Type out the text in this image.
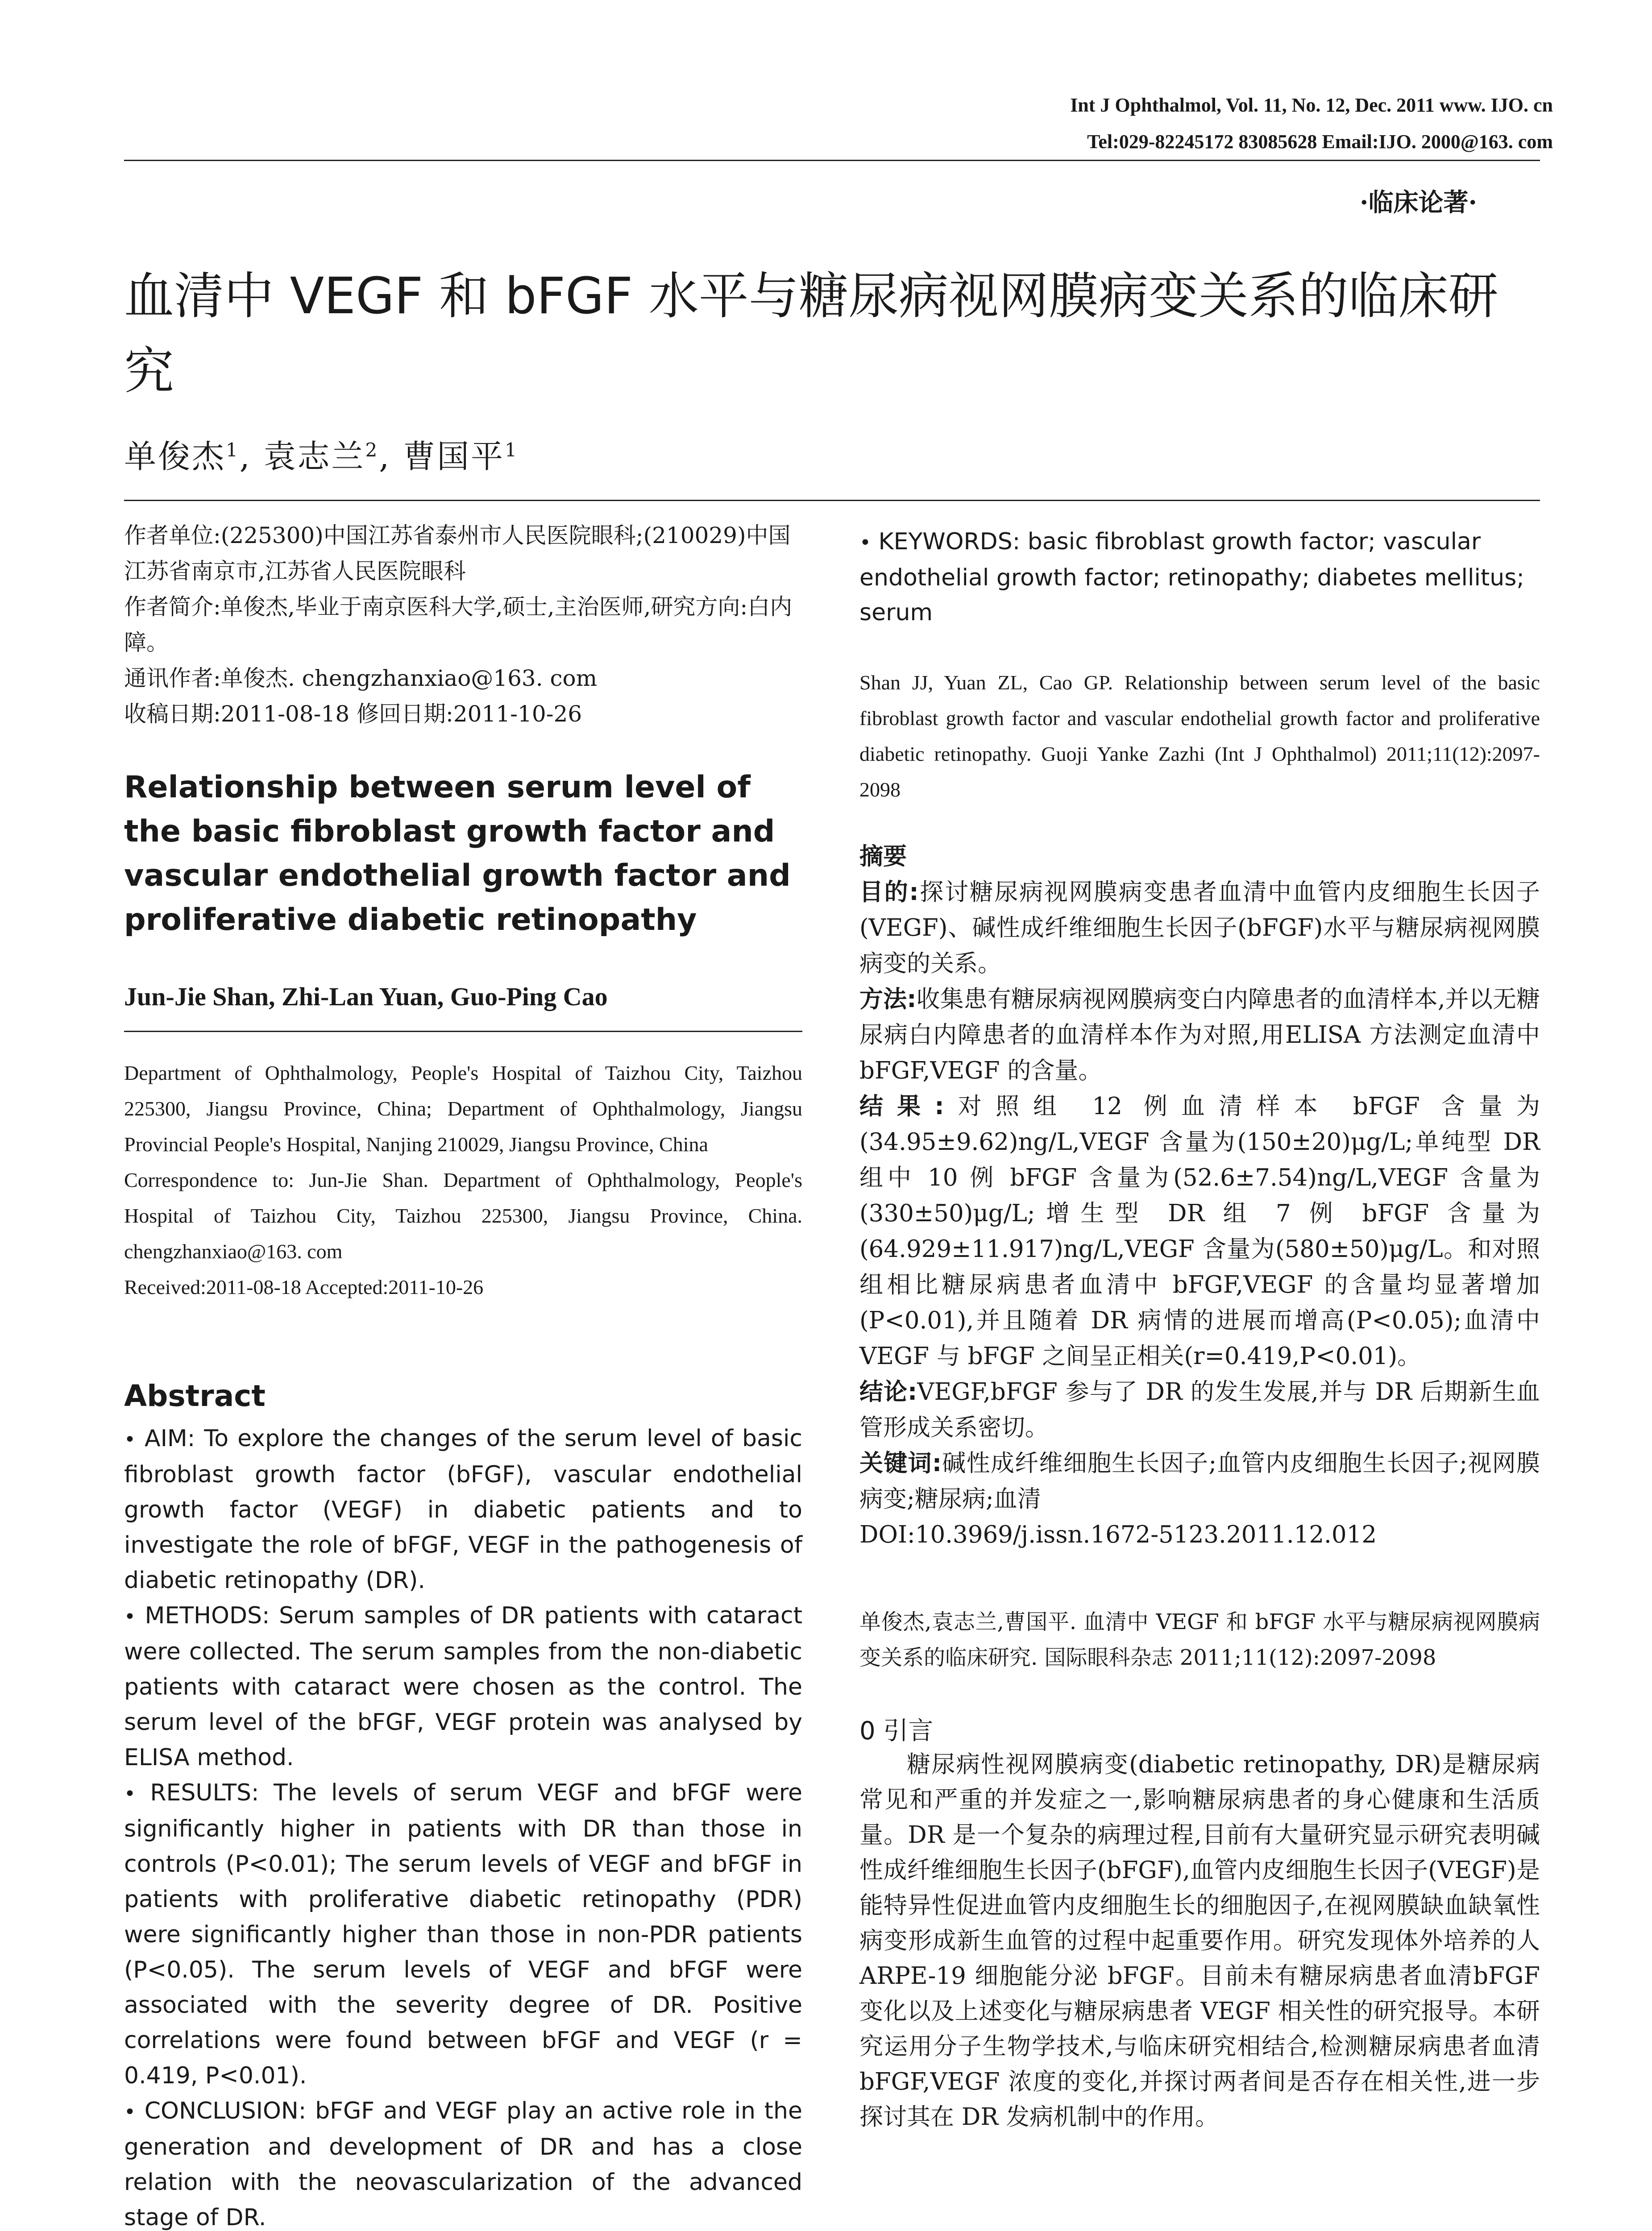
Int J Ophthalmol, Vol. 11, No. 12, Dec. 2011 www. IJO. cn
Tel:029-82245172 83085628 Email:IJO. 2000@163. com
·临床论著·
血清中 VEGF 和 bFGF 水平与糖尿病视网膜病变关系的临床研究
单俊杰$^1$, 袁志兰$^2$, 曹国平$^1$

作者单位:(225300)中国江苏省泰州市人民医院眼科;(210029)中国江苏省南京市,江苏省人民医院眼科

作者简介:单俊杰,毕业于南京医科大学,硕士,主治医师,研究方向:白内障。

通讯作者:单俊杰. chengzhanxiao@163. com

收稿日期:2011-08-18 修回日期:2011-10-26

Relationship between serum level of the basic fibroblast growth factor and vascular endothelial growth factor and proliferative diabetic retinopathy
Jun-Jie Shan, Zhi-Lan Yuan, Guo-Ping Cao

Department of Ophthalmology, People's Hospital of Taizhou City, Taizhou 225300, Jiangsu Province, China; Department of Ophthalmology, Jiangsu Provincial People's Hospital, Nanjing 210029, Jiangsu Province, China

Correspondence to: Jun-Jie Shan. Department of Ophthalmology, People's Hospital of Taizhou City, Taizhou 225300, Jiangsu Province, China. chengzhanxiao@163. com

Received:2011-08-18 Accepted:2011-10-26

Abstract

• AIM: To explore the changes of the serum level of basic fibroblast growth factor (bFGF), vascular endothelial growth factor (VEGF) in diabetic patients and to investigate the role of bFGF, VEGF in the pathogenesis of diabetic retinopathy (DR).

• METHODS: Serum samples of DR patients with cataract were collected. The serum samples from the non-diabetic patients with cataract were chosen as the control. The serum level of the bFGF, VEGF protein was analysed by ELISA method.

• RESULTS: The levels of serum VEGF and bFGF were significantly higher in patients with DR than those in controls (P<0.01); The serum levels of VEGF and bFGF in patients with proliferative diabetic retinopathy (PDR) were significantly higher than those in non-PDR patients (P<0.05). The serum levels of VEGF and bFGF were associated with the severity degree of DR. Positive correlations were found between bFGF and VEGF (r = 0.419, P<0.01).

• CONCLUSION: bFGF and VEGF play an active role in the generation and development of DR and has a close relation with the neovascularization of the advanced stage of DR.

• KEYWORDS: basic fibroblast growth factor; vascular endothelial growth factor; retinopathy; diabetes mellitus; serum
Shan JJ, Yuan ZL, Cao GP. Relationship between serum level of the basic fibroblast growth factor and vascular endothelial growth factor and proliferative diabetic retinopathy. Guoji Yanke Zazhi (Int J Ophthalmol) 2011;11(12):2097-2098

摘要

目的:探讨糖尿病视网膜病变患者血清中血管内皮细胞生长因子(VEGF)、碱性成纤维细胞生长因子(bFGF)水平与糖尿病视网膜病变的关系。

方法:收集患有糖尿病视网膜病变白内障患者的血清样本,并以无糖尿病白内障患者的血清样本作为对照,用ELISA 方法测定血清中 bFGF,VEGF 的含量。

结果:对照组 12 例血清样本 bFGF 含量为(34.95±9.62)ng/L,VEGF 含量为(150±20)μg/L;单纯型 DR 组中 10 例 bFGF 含量为(52.6±7.54)ng/L,VEGF 含量为(330±50)μg/L;增生型 DR 组 7 例 bFGF 含量为(64.929±11.917)ng/L,VEGF 含量为(580±50)μg/L。和对照组相比糖尿病患者血清中 bFGF,VEGF 的含量均显著增加(P<0.01),并且随着 DR 病情的进展而增高(P<0.05);血清中 VEGF 与 bFGF 之间呈正相关(r=0.419,P<0.01)。

结论:VEGF,bFGF 参与了 DR 的发生发展,并与 DR 后期新生血管形成关系密切。

关键词:碱性成纤维细胞生长因子;血管内皮细胞生长因子;视网膜病变;糖尿病;血清

DOI:10.3969/j.issn.1672-5123.2011.12.012

单俊杰,袁志兰,曹国平. 血清中 VEGF 和 bFGF 水平与糖尿病视网膜病变关系的临床研究. 国际眼科杂志 2011;11(12):2097-2098
0 引言
糖尿病性视网膜病变(diabetic retinopathy, DR)是糖尿病常见和严重的并发症之一,影响糖尿病患者的身心健康和生活质量。DR 是一个复杂的病理过程,目前有大量研究显示研究表明碱性成纤维细胞生长因子(bFGF),血管内皮细胞生长因子(VEGF)是能特异性促进血管内皮细胞生长的细胞因子,在视网膜缺血缺氧性病变形成新生血管的过程中起重要作用。研究发现体外培养的人ARPE-19 细胞能分泌 bFGF。目前未有糖尿病患者血清bFGF 变化以及上述变化与糖尿病患者 VEGF 相关性的研究报导。本研究运用分子生物学技术,与临床研究相结合,检测糖尿病患者血清 bFGF,VEGF 浓度的变化,并探讨两者间是否存在相关性,进一步探讨其在 DR 发病机制中的作用。
